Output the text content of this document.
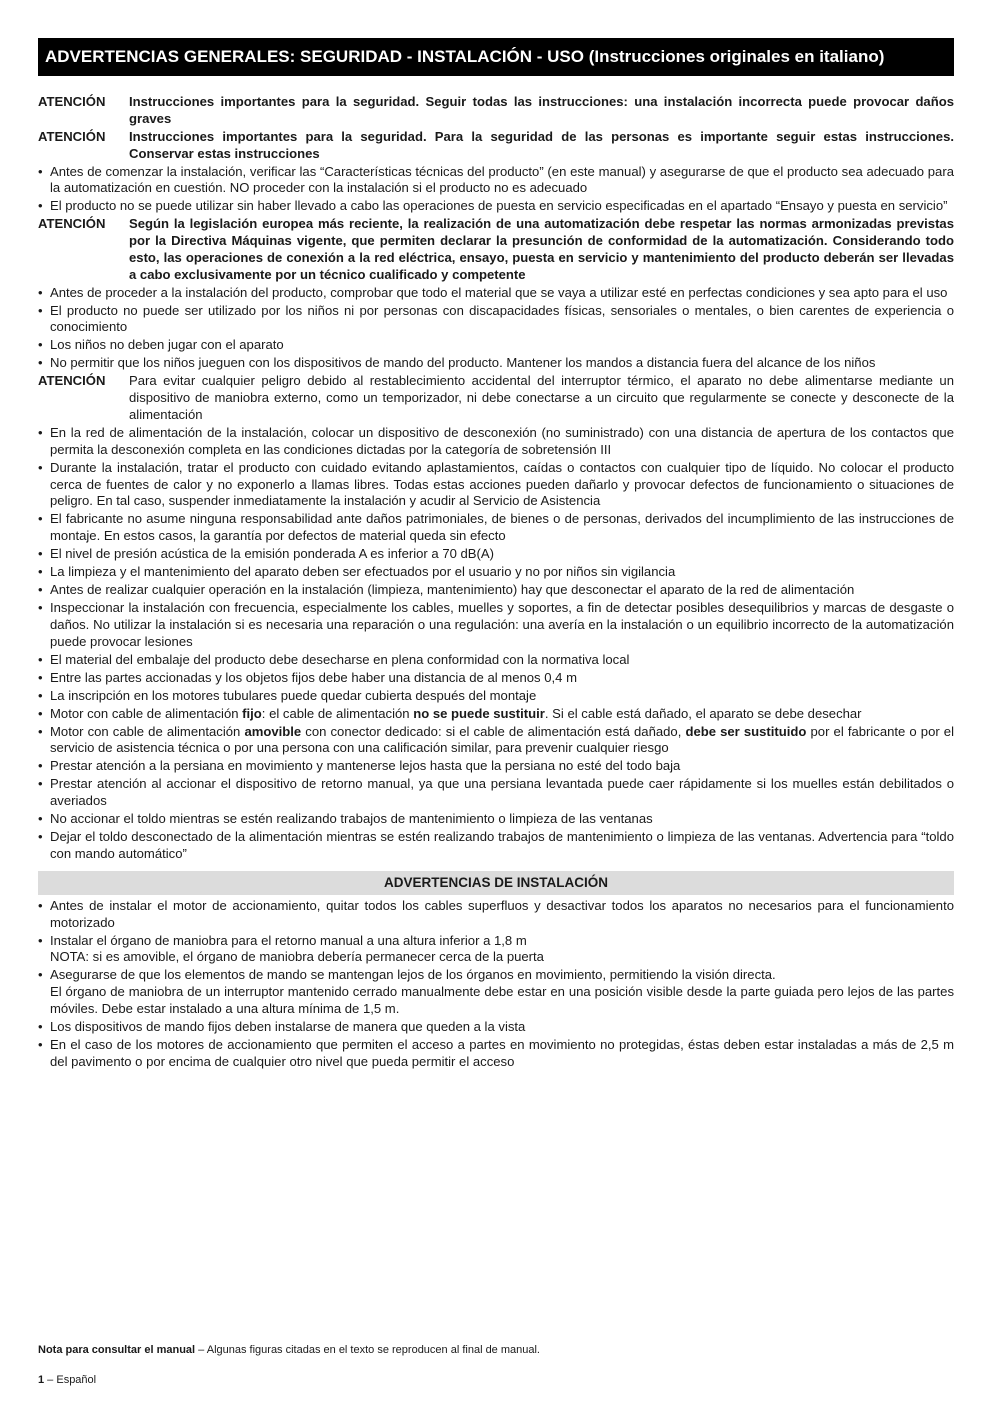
ADVERTENCIAS GENERALES: SEGURIDAD - INSTALACIÓN - USO (Instrucciones originales en italiano)
ATENCIÓN Instrucciones importantes para la seguridad. Seguir todas las instrucciones: una instalación incorrecta puede provocar daños graves
ATENCIÓN Instrucciones importantes para la seguridad. Para la seguridad de las personas es importante seguir estas instrucciones. Conservar estas instrucciones
• Antes de comenzar la instalación, verificar las “Características técnicas del producto” (en este manual) y asegurarse de que el producto sea adecuado para la automatización en cuestión. NO proceder con la instalación si el producto no es adecuado
• El producto no se puede utilizar sin haber llevado a cabo las operaciones de puesta en servicio especificadas en el apartado “Ensayo y puesta en servicio”
ATENCIÓN Según la legislación europea más reciente, la realización de una automatización debe respetar las normas armonizadas previstas por la Directiva Máquinas vigente, que permiten declarar la presunción de conformidad de la automatización. Considerando todo esto, las operaciones de conexión a la red eléctrica, ensayo, puesta en servicio y mantenimiento del producto deberán ser llevadas a cabo exclusivamente por un técnico cualificado y competente
• Antes de proceder a la instalación del producto, comprobar que todo el material que se vaya a utilizar esté en perfectas condiciones y sea apto para el uso
• El producto no puede ser utilizado por los niños ni por personas con discapacidades físicas, sensoriales o mentales, o bien carentes de experiencia o conocimiento
• Los niños no deben jugar con el aparato
• No permitir que los niños jueguen con los dispositivos de mando del producto. Mantener los mandos a distancia fuera del alcance de los niños
ATENCIÓN Para evitar cualquier peligro debido al restablecimiento accidental del interruptor térmico, el aparato no debe alimentarse mediante un dispositivo de maniobra externo, como un temporizador, ni debe conectarse a un circuito que regularmente se conecte y desconecte de la alimentación
• En la red de alimentación de la instalación, colocar un dispositivo de desconexión (no suministrado) con una distancia de apertura de los contactos que permita la desconexión completa en las condiciones dictadas por la categoría de sobretensión III
• Durante la instalación, tratar el producto con cuidado evitando aplastamientos, caídas o contactos con cualquier tipo de líquido. No colocar el producto cerca de fuentes de calor y no exponerlo a llamas libres. Todas estas acciones pueden dañarlo y provocar defectos de funcionamiento o situaciones de peligro. En tal caso, suspender inmediatamente la instalación y acudir al Servicio de Asistencia
• El fabricante no asume ninguna responsabilidad ante daños patrimoniales, de bienes o de personas, derivados del incumplimiento de las instrucciones de montaje. En estos casos, la garantía por defectos de material queda sin efecto
• El nivel de presión acústica de la emisión ponderada A es inferior a 70 dB(A)
• La limpieza y el mantenimiento del aparato deben ser efectuados por el usuario y no por niños sin vigilancia
• Antes de realizar cualquier operación en la instalación (limpieza, mantenimiento) hay que desconectar el aparato de la red de alimentación
• Inspeccionar la instalación con frecuencia, especialmente los cables, muelles y soportes, a fin de detectar posibles desequilibrios y marcas de desgaste o daños. No utilizar la instalación si es necesaria una reparación o una regulación: una avería en la instalación o un equilibrio incorrecto de la automatización puede provocar lesiones
• El material del embalaje del producto debe desecharse en plena conformidad con la normativa local
• Entre las partes accionadas y los objetos fijos debe haber una distancia de al menos 0,4 m
• La inscripción en los motores tubulares puede quedar cubierta después del montaje
• Motor con cable de alimentación fijo: el cable de alimentación no se puede sustituir. Si el cable está dañado, el aparato se debe desechar
• Motor con cable de alimentación amovible con conector dedicado: si el cable de alimentación está dañado, debe ser sustituido por el fabricante o por el servicio de asistencia técnica o por una persona con una calificación similar, para prevenir cualquier riesgo
• Prestar atención a la persiana en movimiento y mantenerse lejos hasta que la persiana no esté del todo baja
• Prestar atención al accionar el dispositivo de retorno manual, ya que una persiana levantada puede caer rápidamente si los muelles están debilitados o averiados
• No accionar el toldo mientras se estén realizando trabajos de mantenimiento o limpieza de las ventanas
• Dejar el toldo desconectado de la alimentación mientras se estén realizando trabajos de mantenimiento o limpieza de las ventanas. Advertencia para “toldo con mando automático”
ADVERTENCIAS DE INSTALACIÓN
• Antes de instalar el motor de accionamiento, quitar todos los cables superfluos y desactivar todos los aparatos no necesarios para el funcionamiento motorizado
• Instalar el órgano de maniobra para el retorno manual a una altura inferior a 1,8 m
NOTA: si es amovible, el órgano de maniobra debería permanecer cerca de la puerta
• Asegurarse de que los elementos de mando se mantengan lejos de los órganos en movimiento, permitiendo la visión directa.
El órgano de maniobra de un interruptor mantenido cerrado manualmente debe estar en una posición visible desde la parte guiada pero lejos de las partes móviles. Debe estar instalado a una altura mínima de 1,5 m.
• Los dispositivos de mando fijos deben instalarse de manera que queden a la vista
• En el caso de los motores de accionamiento que permiten el acceso a partes en movimiento no protegidas, éstas deben estar instaladas a más de 2,5 m del pavimento o por encima de cualquier otro nivel que pueda permitir el acceso
Nota para consultar el manual – Algunas figuras citadas en el texto se reproducen al final de manual.
1 – Español
